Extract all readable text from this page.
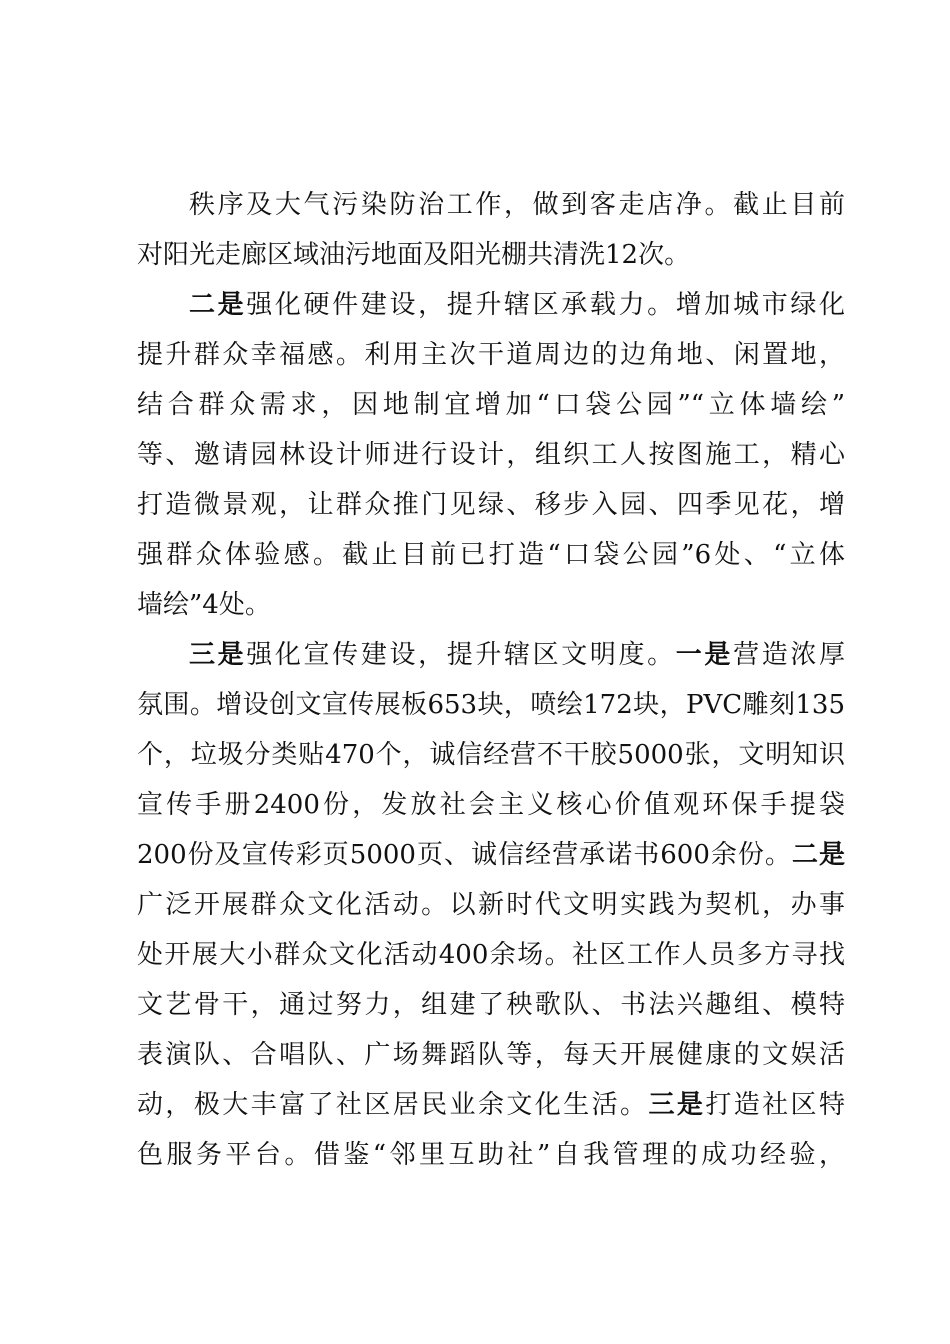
秩序及大气污染防治工作，做到客走店净。截止目前
对阳光走廊区域油污地面及阳光棚共清洗12次。
二是强化硬件建设，提升辖区承载力。增加城市绿化
提升群众幸福感。利用主次干道周边的边角地、闲置地，
结合群众需求，因地制宜增加“口袋公园”“立体墙绘”
等、邀请园林设计师进行设计，组织工人按图施工，精心
打造微景观，让群众推门见绿、移步入园、四季见花，增
强群众体验感。截止目前已打造“口袋公园”6处、“立体
墙绘”4处。
三是强化宣传建设，提升辖区文明度。一是营造浓厚
氛围。增设创文宣传展板653块，喷绘172块，PVC雕刻135
个，垃圾分类贴470个，诚信经营不干胶5000张，文明知识
宣传手册2400份，发放社会主义核心价值观环保手提袋
200份及宣传彩页5000页、诚信经营承诺书600余份。二是
广泛开展群众文化活动。以新时代文明实践为契机，办事
处开展大小群众文化活动400余场。社区工作人员多方寻找
文艺骨干，通过努力，组建了秧歌队、书法兴趣组、模特
表演队、合唱队、广场舞蹈队等，每天开展健康的文娱活
动，极大丰富了社区居民业余文化生活。三是打造社区特
色服务平台。借鉴“邻里互助社”自我管理的成功经验，
